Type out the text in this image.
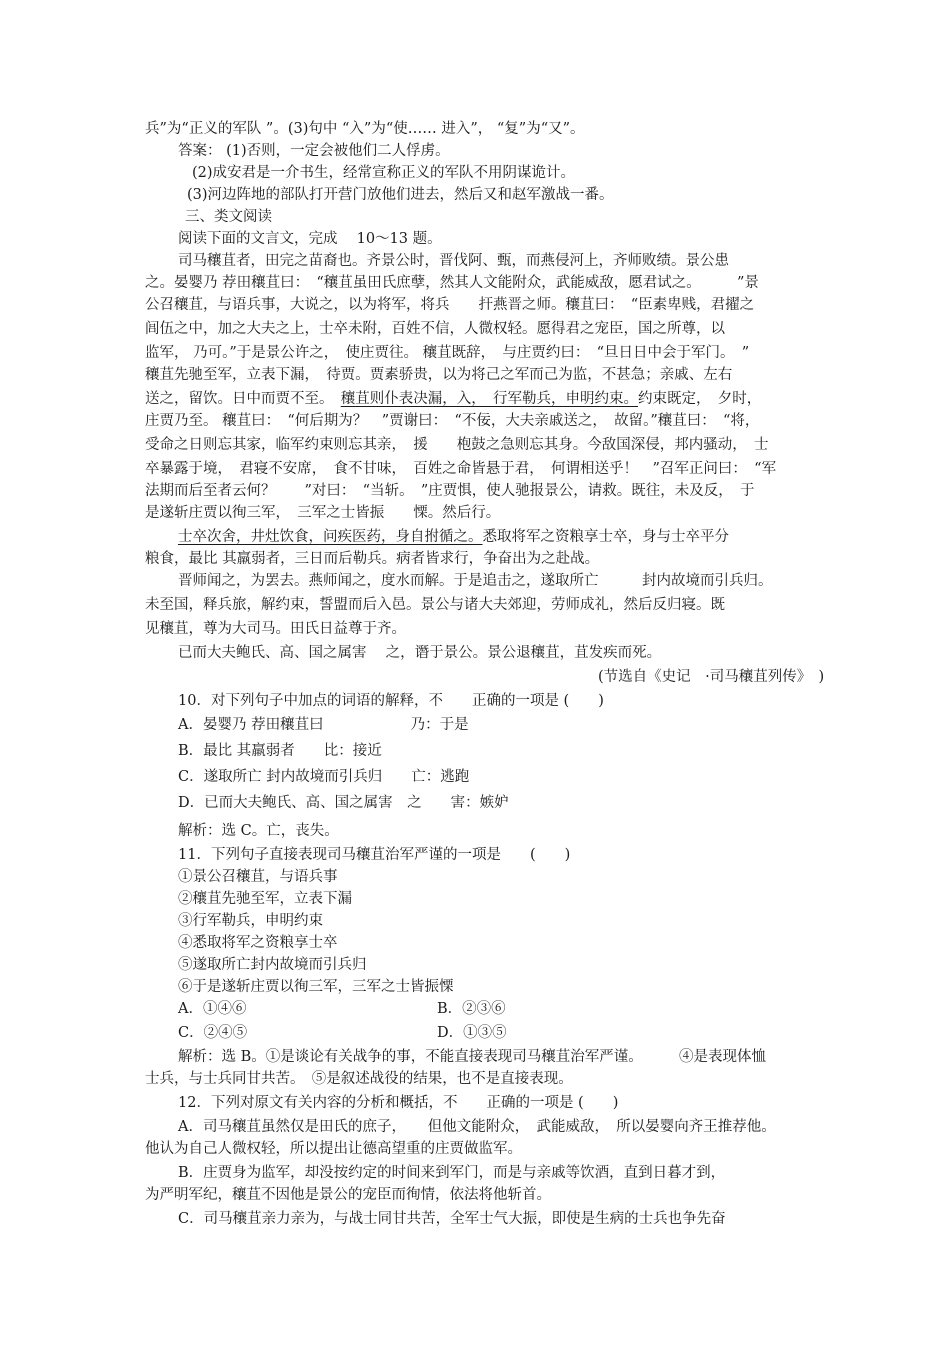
兵”为“正义的军队 ”。(3)句中 “入”为“使…… 进入”， “复”为“又”。
答案： (1)否则，一定会被他们二人俘虏。
(2)成安君是一介书生，经常宣称正义的军队不用阴谋诡计。
(3)河边阵地的部队打开营门放他们进去，然后又和赵军激战一番。
三、类文阅读
阅读下面的文言文，完成　 10～13 题。
司马穰苴者，田完之苗裔也。齐景公时，晋伐阿、甄，而燕侵河上，齐师败绩。景公患
之。晏婴乃 荐田穰苴曰：　“穰苴虽田氏庶孽，然其人文能附众，武能威敌，愿君试之。　　　”景
公召穰苴，与语兵事，大说之，以为将军，将兵　　扞燕晋之师。穰苴曰：　“臣素卑贱，君擢之
闾伍之中，加之大夫之上，士卒未附，百姓不信，人微权轻。愿得君之宠臣，国之所尊，以
监军， 乃可。”于是景公许之，　使庄贾往。 穰苴既辞，　与庄贾约曰：　“旦日日中会于军门。　”
穰苴先驰至军，立表下漏，　待贾。贾素骄贵，以为将己之军而己为监，不甚急；亲戚、左右
送之，留饮。日中而贾不至。　穰苴则仆表决漏，入，　行军勒兵，申明约束。约束既定，　夕时，
庄贾乃至。 穰苴曰：　“何后期为？　”贾谢曰：　“不佞，大夫亲戚送之，　故留。”穰苴曰：　“将，
受命之日则忘其家，临军约束则忘其亲，　援　　枹鼓之急则忘其身。今敌国深侵，邦内骚动，　士
卒暴露于境，　君寝不安席，　食不甘味，　百姓之命皆悬于君，　何谓相送乎！　”召军正问曰：　“军
法期而后至者云何？　　”对曰：　“当斩。　”庄贾惧，使人驰报景公，请救。既往，未及反，　于
是遂斩庄贾以徇三军，　三军之士皆振　　慄。然后行。
士卒次舍，井灶饮食，问疾医药，身自拊循之。悉取将军之资粮享士卒，身与士卒平分
粮食，最比 其羸弱者，三日而后勒兵。病者皆求行，争奋出为之赴战。
晋师闻之，为罢去。燕师闻之，度水而解。于是追击之，遂取所亡　　　封内故境而引兵归。
未至国，释兵旅，解约束，誓盟而后入邑。景公与诸大夫郊迎，劳师成礼，然后反归寝。既
见穰苴，尊为大司马。田氏日益尊于齐。
已而大夫鲍氏、高、国之属害　 之，谮于景公。景公退穰苴，苴发疾而死。
(节选自《史记　·司马穰苴列传》　)
10．对下列句子中加点的词语的解释，不　　正确的一项是 (　　)
A．晏婴乃 荐田穰苴曰　　　　　　乃：于是
B．最比 其羸弱者　　比：接近
C．遂取所亡 封内故境而引兵归　　亡：逃跑
D．已而大夫鲍氏、高、国之属害　之　　害：嫉妒
解析：选 C。亡，丧失。
11．下列句子直接表现司马穰苴治军严谨的一项是　　(　　)
①景公召穰苴，与语兵事
②穰苴先驰至军，立表下漏
③行军勒兵，申明约束
④悉取将军之资粮享士卒
⑤遂取所亡封内故境而引兵归
⑥于是遂斩庄贾以徇三军，三军之士皆振慄
A．①④⑥	B．②③⑥
C．②④⑤	D．①③⑤
解析：选 B。①是谈论有关战争的事，不能直接表现司马穰苴治军严谨。　　　④是表现体恤
士兵，与士兵同甘共苦。　⑤是叙述战役的结果，也不是直接表现。
12．下列对原文有关内容的分析和概括，不　　正确的一项是 (　　)
A．司马穰苴虽然仅是田氏的庶子，　　但他文能附众，　武能威敌，　所以晏婴向齐王推荐他。
他认为自己人微权轻，所以提出让德高望重的庄贾做监军。
B．庄贾身为监军，却没按约定的时间来到军门，而是与亲戚等饮酒，直到日暮才到，
为严明军纪，穰苴不因他是景公的宠臣而徇情，依法将他斩首。
C．司马穰苴亲力亲为，与战士同甘共苦，全军士气大振，即使是生病的士兵也争先奋
